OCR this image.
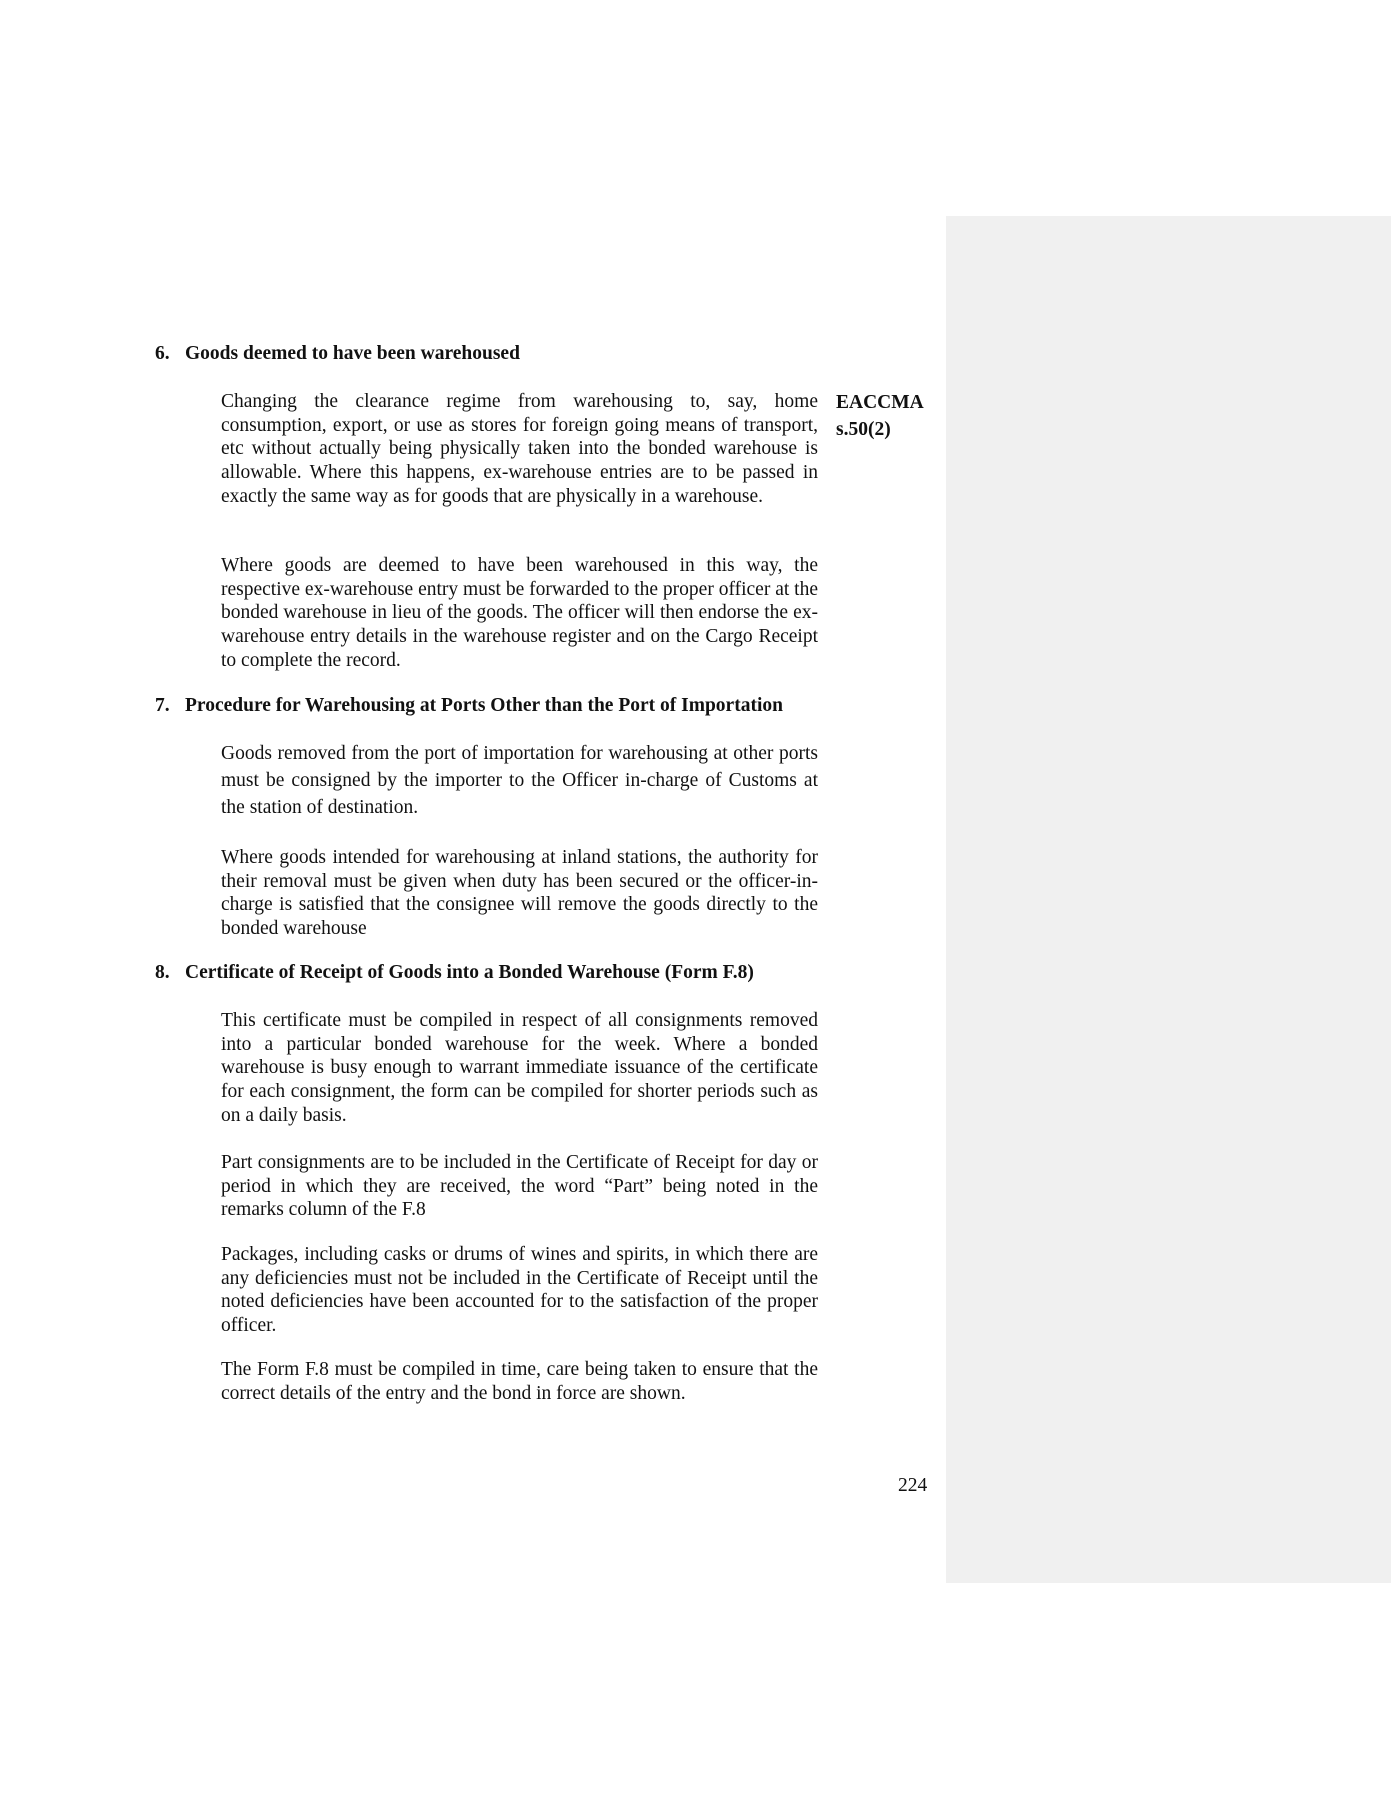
6. Goods deemed to have been warehoused

Changing the clearance regime from warehousing to, say, home consumption, export, or use as stores for foreign going means of transport, etc without actually being physically taken into the bonded warehouse is allowable. Where this happens, ex-warehouse entries are to be passed in exactly the same way as for goods that are physically in a warehouse.

EACCMA
s.50(2)

Where goods are deemed to have been warehoused in this way, the respective ex-warehouse entry must be forwarded to the proper officer at the bonded warehouse in lieu of the goods. The officer will then endorse the ex-warehouse entry details in the warehouse register and on the Cargo Receipt to complete the record.

7. Procedure for Warehousing at Ports Other than the Port of Importation

Goods removed from the port of importation for warehousing at other ports must be consigned by the importer to the Officer in-charge of Customs at the station of destination.

Where goods intended for warehousing at inland stations, the authority for their removal must be given when duty has been secured or the officer-in-charge is satisfied that the consignee will remove the goods directly to the bonded warehouse

8. Certificate of Receipt of Goods into a Bonded Warehouse (Form F.8)

This certificate must be compiled in respect of all consignments removed into a particular bonded warehouse for the week. Where a bonded warehouse is busy enough to warrant immediate issuance of the certificate for each consignment, the form can be compiled for shorter periods such as on a daily basis.

Part consignments are to be included in the Certificate of Receipt for day or period in which they are received, the word “Part” being noted in the remarks column of the F.8

Packages, including casks or drums of wines and spirits, in which there are any deficiencies must not be included in the Certificate of Receipt until the noted deficiencies have been accounted for to the satisfaction of the proper officer.

The Form F.8 must be compiled in time, care being taken to ensure that the correct details of the entry and the bond in force are shown.

224
